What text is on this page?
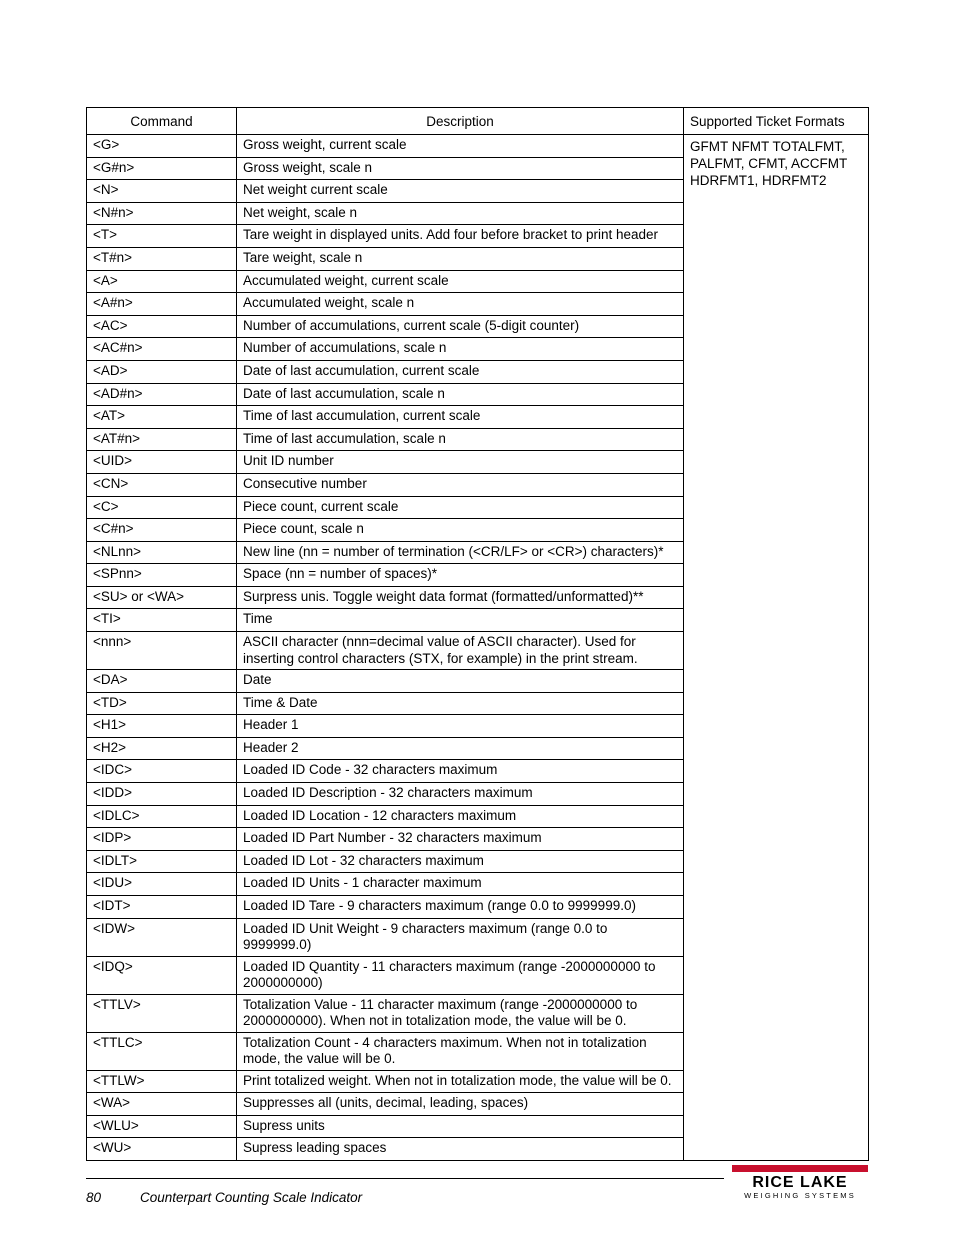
Command	Description	Supported Ticket Formats
<G>	Gross weight, current scale	GFMT NFMT TOTALFMT, PALFMT, CFMT, ACCFMT HDRFMT1, HDRFMT2
<G#n>	Gross weight, scale n	
<N>	Net weight current scale	
<N#n>	Net weight, scale n	
<T>	Tare weight in displayed units. Add four before bracket to print header	
<T#n>	Tare weight, scale n	
<A>	Accumulated weight, current scale	
<A#n>	Accumulated weight, scale n	
<AC>	Number of accumulations, current scale (5-digit counter)	
<AC#n>	Number of accumulations, scale n	
<AD>	Date of last accumulation, current scale	
<AD#n>	Date of last accumulation, scale n	
<AT>	Time of last accumulation, current scale	
<AT#n>	Time of last accumulation, scale n	
<UID>	Unit ID number	
<CN>	Consecutive number	
<C>	Piece count, current scale	
<C#n>	Piece count, scale n	
<NLnn>	New line (nn = number of termination (<CR/LF> or <CR>) characters)*	
<SPnn>	Space (nn = number of spaces)*	
<SU> or <WA>	Surpress unis. Toggle weight data format (formatted/unformatted)**	
<TI>	Time	
<nnn>	ASCII character (nnn=decimal value of ASCII character). Used for inserting control characters (STX, for example) in the print stream.	
<DA>	Date	
<TD>	Time & Date	
<H1>	Header 1	
<H2>	Header 2	
<IDC>	Loaded ID Code - 32 characters maximum	
<IDD>	Loaded ID Description - 32 characters maximum	
<IDLC>	Loaded ID Location - 12 characters maximum	
<IDP>	Loaded ID Part Number - 32 characters maximum	
<IDLT>	Loaded ID Lot - 32 characters maximum	
<IDU>	Loaded ID Units - 1 character maximum	
<IDT>	Loaded ID Tare - 9 characters maximum (range 0.0 to 9999999.0)	
<IDW>	Loaded ID Unit Weight - 9 characters maximum (range 0.0 to 9999999.0)	
<IDQ>	Loaded ID Quantity - 11 characters maximum (range -2000000000 to 2000000000)	
<TTLV>	Totalization Value - 11 character maximum (range -2000000000 to 2000000000). When not in totalization mode, the value will be 0.	
<TTLC>	Totalization Count - 4 characters maximum. When not in totalization mode, the value will be 0.	
<TTLW>	Print totalized weight. When not in totalization mode, the value will be 0.	
<WA>	Suppresses all (units, decimal, leading, spaces)	
<WLU>	Supress units	
<WU>	Supress leading spaces	
80	Counterpart Counting Scale Indicator
RICE LAKE
WEIGHING SYSTEMS
